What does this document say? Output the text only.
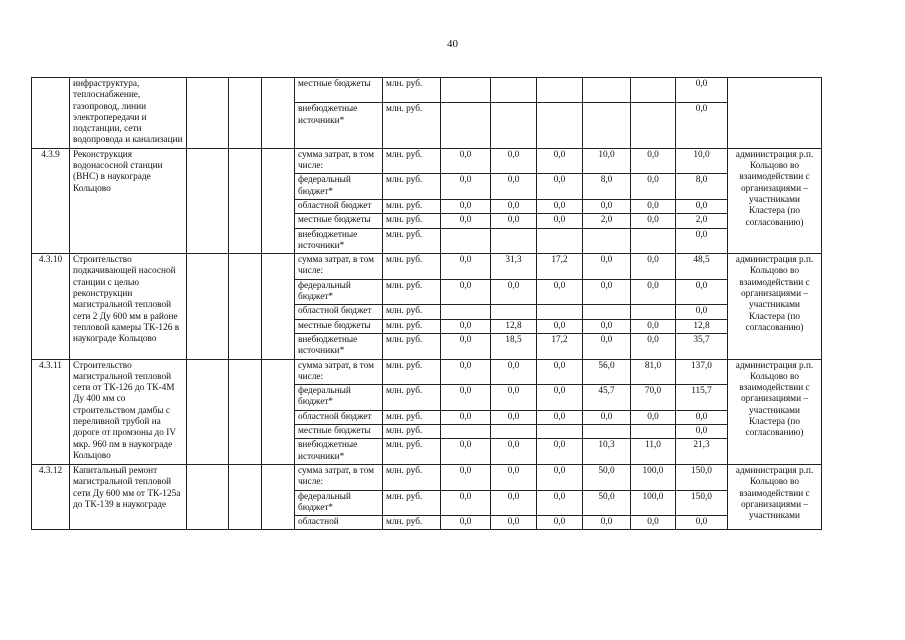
40
	инфраструктура, теплоснабжение, газопровод, линии электропередачи и подстанции, сети водопровода и канализации				местные бюджеты	млн. руб.						0,0	
					внебюджетные источники*	млн. руб.						0,0	
4.3.9	Реконструкция водонасосной станции (ВНС) в наукограде Кольцово				сумма затрат, в том числе:	млн. руб.	0,0	0,0	0,0	10,0	0,0	10,0	администрация р.п. Кольцово во взаимодействии с организациями – участниками Кластера (по согласованию)
					федеральный бюджет*	млн. руб.	0,0	0,0	0,0	8,0	0,0	8,0	
					областной бюджет	млн. руб.	0,0	0,0	0,0	0,0	0,0	0,0	
					местные бюджеты	млн. руб.	0,0	0,0	0,0	2,0	0,0	2,0	
					внебюджетные источники*	млн. руб.						0,0	
4.3.10	Строительство подкачивающей насосной станции с целью реконструкции магистральной тепловой сети 2 Ду 600 мм в районе тепловой камеры ТК-126 в наукограде Кольцово				сумма затрат, в том числе:	млн. руб.	0,0	31,3	17,2	0,0	0,0	48,5	администрация р.п. Кольцово во взаимодействии с организациями – участниками Кластера (по согласованию)
					федеральный бюджет*	млн. руб.	0,0	0,0	0,0	0,0	0,0	0,0	
					областной бюджет	млн. руб.						0,0	
					местные бюджеты	млн. руб.	0,0	12,8	0,0	0,0	0,0	12,8	
					внебюджетные источники*	млн. руб.	0,0	18,5	17,2	0,0	0,0	35,7	
4.3.11	Строительство магистральной тепловой сети от ТК-126 до ТК-4М Ду 400 мм со строительством дамбы с переливной трубой на дороге от промзоны до IV мкр. 960 пм в наукограде Кольцово				сумма затрат, в том числе:	млн. руб.	0,0	0,0	0,0	56,0	81,0	137,0	администрация р.п. Кольцово во взаимодействии с организациями – участниками Кластера (по согласованию)
					федеральный бюджет*	млн. руб.	0,0	0,0	0,0	45,7	70,0	115,7	
					областной бюджет	млн. руб.	0,0	0,0	0,0	0,0	0,0	0,0	
					местные бюджеты	млн. руб.						0,0	
					внебюджетные источники*	млн. руб.	0,0	0,0	0,0	10,3	11,0	21,3	
4.3.12	Капитальный ремонт магистральной тепловой сети Ду 600 мм от ТК-125а до ТК-139 в наукограде				сумма затрат, в том числе:	млн. руб.	0,0	0,0	0,0	50,0	100,0	150,0	администрация р.п. Кольцово во взаимодействии с организациями – участниками
					федеральный бюджет*	млн. руб.	0,0	0,0	0,0	50,0	100,0	150,0	
					областной	млн. руб.	0,0	0,0	0,0	0,0	0,0	0,0	
